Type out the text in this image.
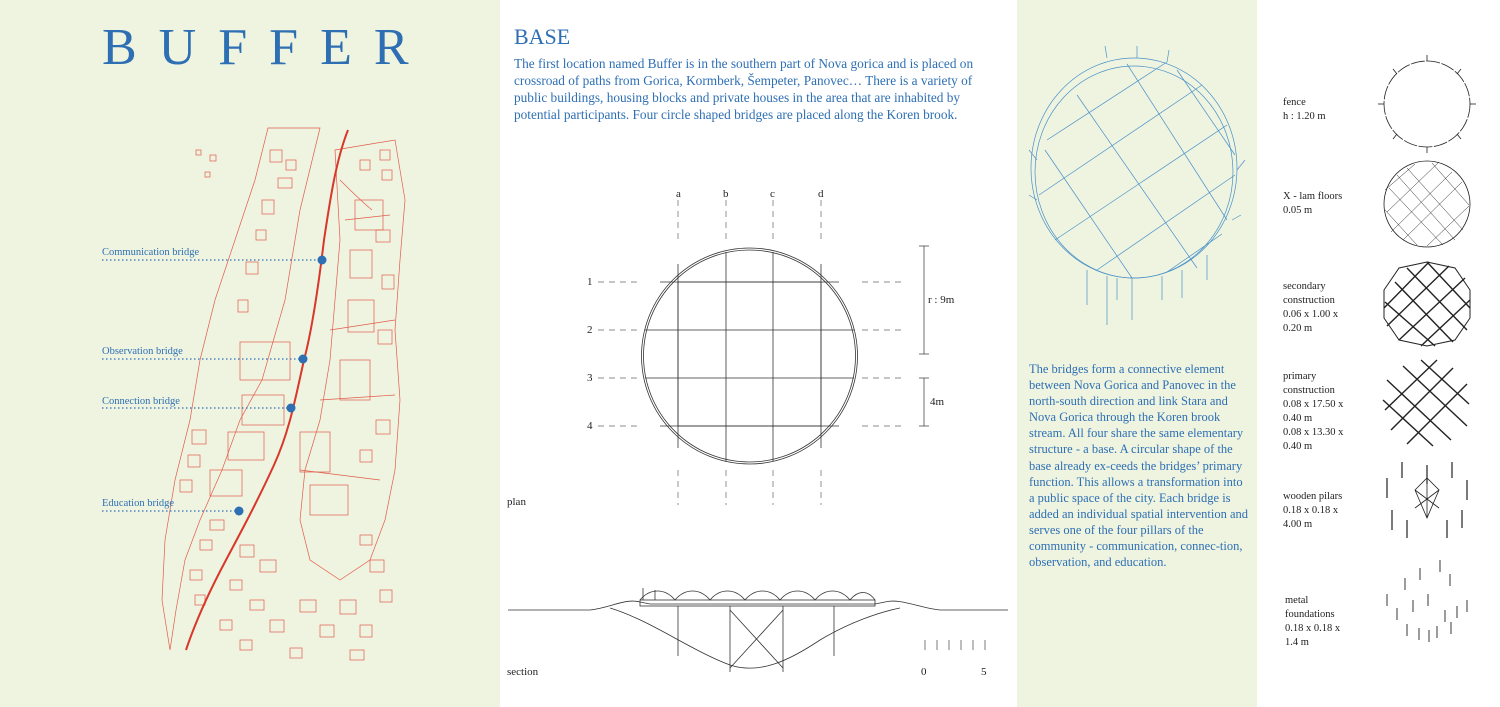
BUFFER
Communication bridge
Observation bridge
Connection bridge
Education bridge
BASE

The first location named Buffer is in the southern part of Nova gorica and is placed on crossroad of paths from Gorica, Kormberk, Šempeter, Panovec… There is a variety of public buildings, housing blocks and private houses in the area that are inhabited by potential participants. Four circle shaped bridges are placed along the Koren brook.

a	b	c	d
1
2
3
4
r : 9m
4m
plan
section	0	5

The bridges form a connective element between Nova Gorica and Panovec in the north-south direction and link Stara and Nova Gorica through the Koren brook stream. All four share the same elementary structure - a base. A circular shape of the base already ex-ceeds the bridges’ primary function. This allows a transformation into a public space of the city. Each bridge is added an individual spatial intervention and serves one of the four pillars of the community - communication, connec-tion, observation, and education.

fence
h : 1.20 m
X - lam floors
0.05 m
secondary
construction
0.06 x 1.00 x
0.20 m
primary
construction
0.08 x 17.50 x
0.40 m
0.08 x 13.30 x
0.40 m
wooden pilars
0.18 x 0.18 x
4.00 m
metal
foundations
0.18 x 0.18 x
1.4 m
